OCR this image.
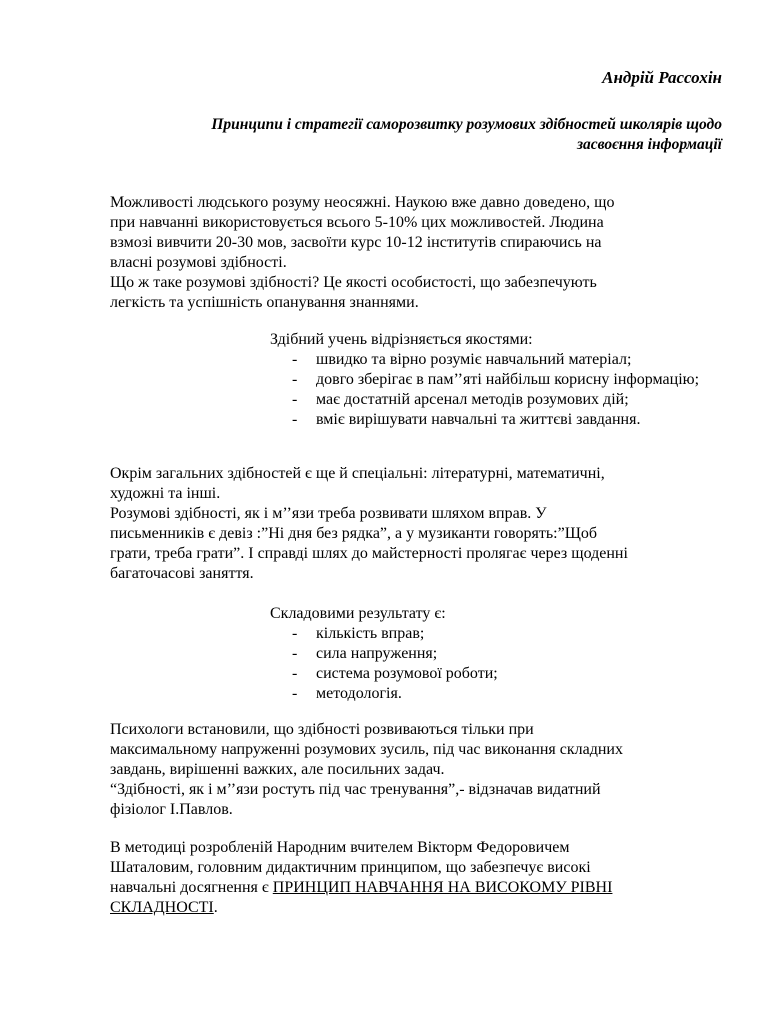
Андрій Рассохін
Принципи і стратегії саморозвитку розумових здібностей школярів щодо
засвоєння інформації

Можливості людського розуму неосяжні. Наукою вже давно доведено, що

при навчанні використовується всього 5-10% цих можливостей. Людина

взмозі вивчити 20-30 мов, засвоїти курс 10-12 інститутів спираючись на

власні розумові здібності.

Що ж таке розумові здібності? Це якості особистості, що забезпечують

легкість та успішність опанування знаннями.

Здібний учень відрізняється якостями:
- швидко та вірно розуміє навчальний матеріал;
- довго зберігає в пам’’яті найбільш корисну інформацію;
- має достатній арсенал методів розумових дій;
- вміє вирішувати навчальні та життєві завдання.

Окрім загальних здібностей є ще й спеціальні: літературні, математичні,

художні та інші.

Розумові здібності, як і м’’язи треба розвивати шляхом вправ. У

письменників є девіз :”Ні дня без рядка”, а у музиканти говорять:”Щоб

грати, треба грати”. І справді шлях до майстерності пролягає через щоденні

багаточасові заняття.

Складовими результату є:
- кількість вправ;
- сила напруження;
- система розумової роботи;
- методологія.

Психологи встановили, що здібності розвиваються тільки при

максимальному напруженні розумових зусиль, під час виконання складних

завдань, вирішенні важких, але посильних задач.

“Здібності, як і м’’язи ростуть під час тренування”,- відзначав видатний

фізіолог І.Павлов.

В методиці розробленій Народним вчителем Вікторм Федоровичем

Шаталовим, головним дидактичним принципом, що забезпечує високі

навчальні досягнення є ПРИНЦИП НАВЧАННЯ НА ВИСОКОМУ РІВНІ

СКЛАДНОСТІ.
